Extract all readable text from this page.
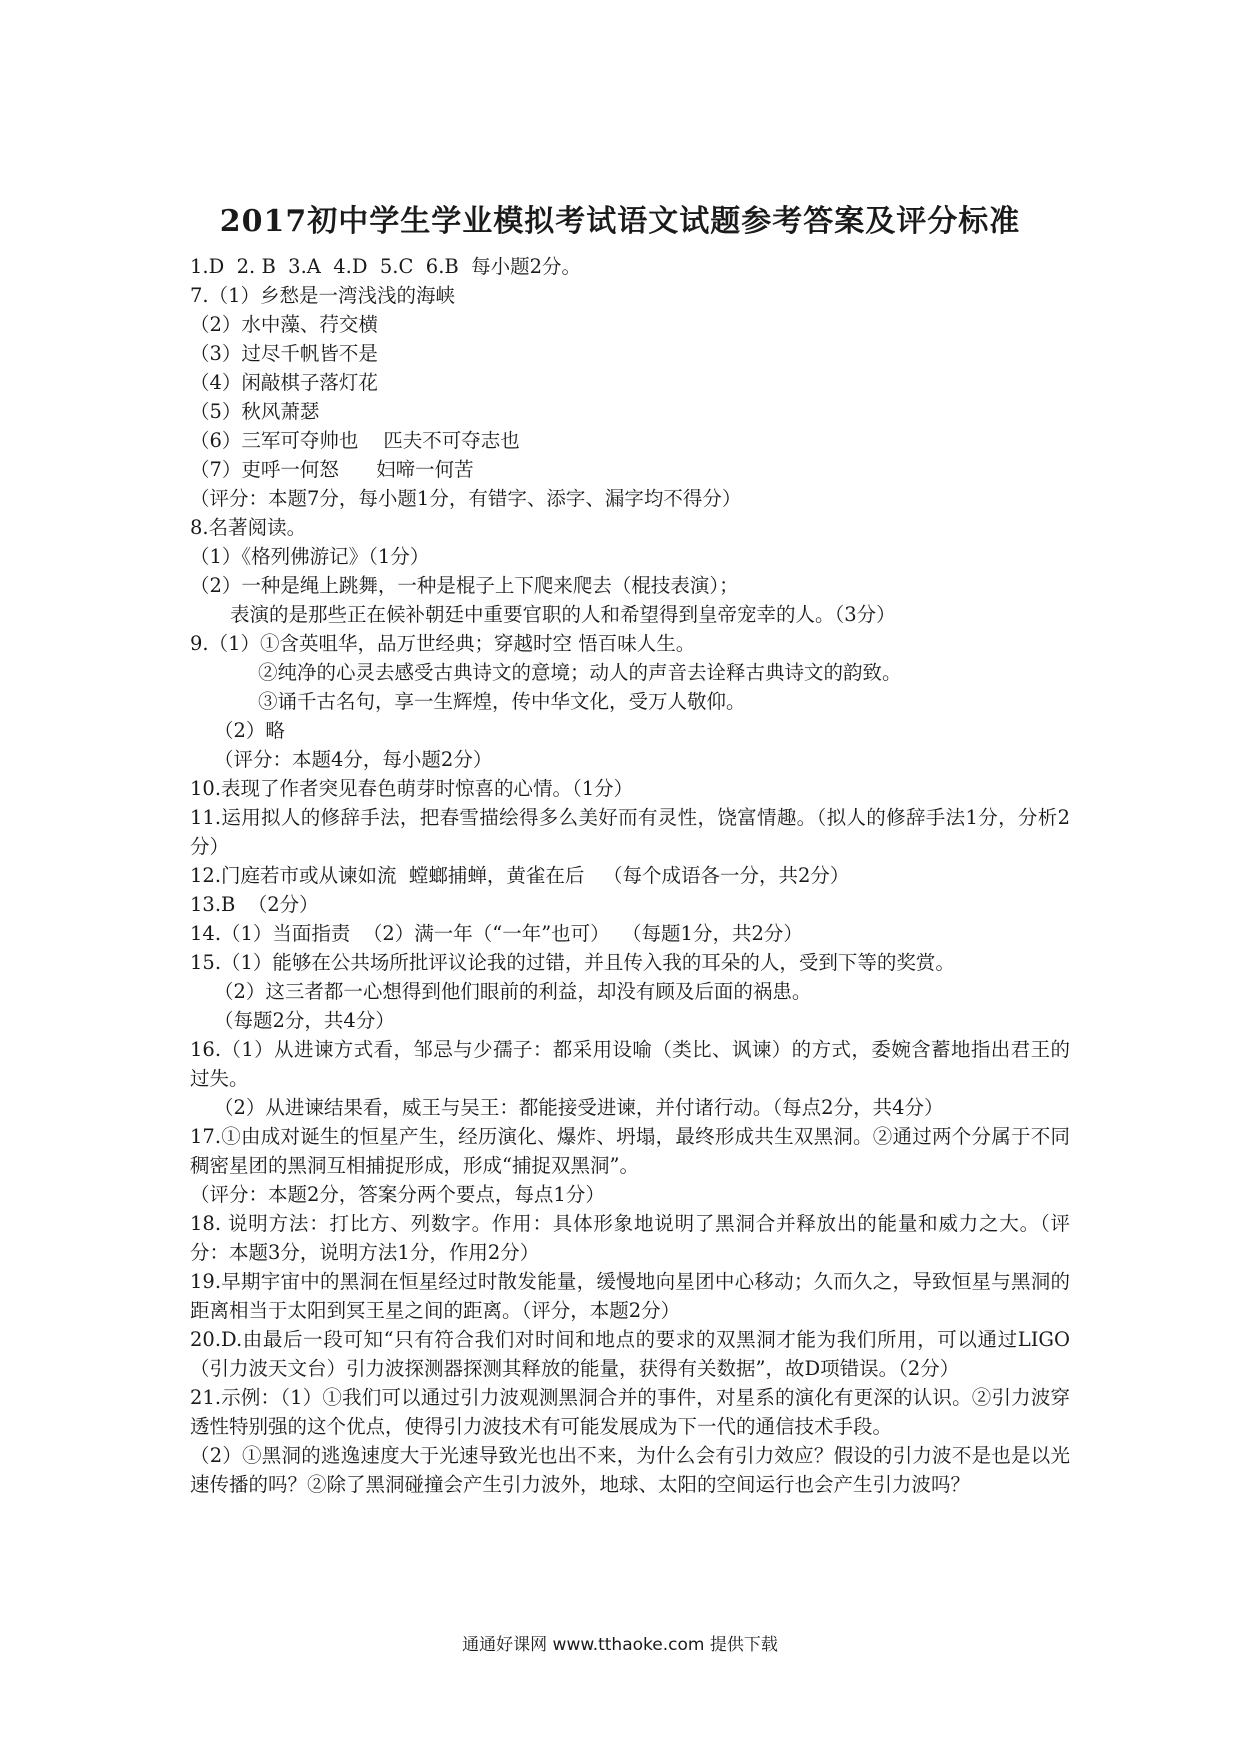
2017初中学生学业模拟考试语文试题参考答案及评分标准

1.D  2. B  3.A  4.D  5.C  6.B  每小题2分。

7.（1）乡愁是一湾浅浅的海峡

（2）水中藻、荇交横

（3）过尽千帆皆不是

（4）闲敲棋子落灯花

（5）秋风萧瑟

（6）三军可夺帅也    匹夫不可夺志也

（7）吏呼一何怒      妇啼一何苦

（评分：本题7分，每小题1分，有错字、添字、漏字均不得分）

8.名著阅读。

（1）《格列佛游记》（1分）

（2）一种是绳上跳舞，一种是棍子上下爬来爬去（棍技表演）；

表演的是那些正在候补朝廷中重要官职的人和希望得到皇帝宠幸的人。（3分）

9.（1）①含英咀华，品万世经典；穿越时空 悟百味人生。

②纯净的心灵去感受古典诗文的意境；动人的声音去诠释古典诗文的韵致。

③诵千古名句，享一生辉煌，传中华文化，受万人敬仰。

（2）略

（评分：本题4分，每小题2分）

10.表现了作者突见春色萌芽时惊喜的心情。（1分）

11.运用拟人的修辞手法，把春雪描绘得多么美好而有灵性，饶富情趣。（拟人的修辞手法1分，分析2分）

12.门庭若市或从谏如流  螳螂捕蝉，黄雀在后   （每个成语各一分，共2分）

13.B  （2分）

14.（1）当面指责  （2）满一年（“一年”也可）  （每题1分，共2分）

15.（1）能够在公共场所批评议论我的过错，并且传入我的耳朵的人，受到下等的奖赏。

（2）这三者都一心想得到他们眼前的利益，却没有顾及后面的祸患。

（每题2分，共4分）

16.（1）从进谏方式看，邹忌与少孺子：都采用设喻（类比、讽谏）的方式，委婉含蓄地指出君王的过失。

（2）从进谏结果看，威王与吴王：都能接受进谏，并付诸行动。（每点2分，共4分）

17.①由成对诞生的恒星产生，经历演化、爆炸、坍塌，最终形成共生双黑洞。②通过两个分属于不同稠密星团的黑洞互相捕捉形成，形成“捕捉双黑洞”。

（评分：本题2分，答案分两个要点，每点1分）

18. 说明方法：打比方、列数字。作用：具体形象地说明了黑洞合并释放出的能量和威力之大。（评分：本题3分，说明方法1分，作用2分）

19.早期宇宙中的黑洞在恒星经过时散发能量，缓慢地向星团中心移动；久而久之，导致恒星与黑洞的距离相当于太阳到冥王星之间的距离。（评分，本题2分）

20.D.由最后一段可知“只有符合我们对时间和地点的要求的双黑洞才能为我们所用，可以通过LIGO（引力波天文台）引力波探测器探测其释放的能量，获得有关数据”，故D项错误。（2分）

21.示例：（1）①我们可以通过引力波观测黑洞合并的事件，对星系的演化有更深的认识。②引力波穿透性特别强的这个优点，使得引力波技术有可能发展成为下一代的通信技术手段。

（2）①黑洞的逃逸速度大于光速导致光也出不来，为什么会有引力效应？假设的引力波不是也是以光速传播的吗？②除了黑洞碰撞会产生引力波外，地球、太阳的空间运行也会产生引力波吗？

通通好课网 www.tthaoke.com 提供下载
